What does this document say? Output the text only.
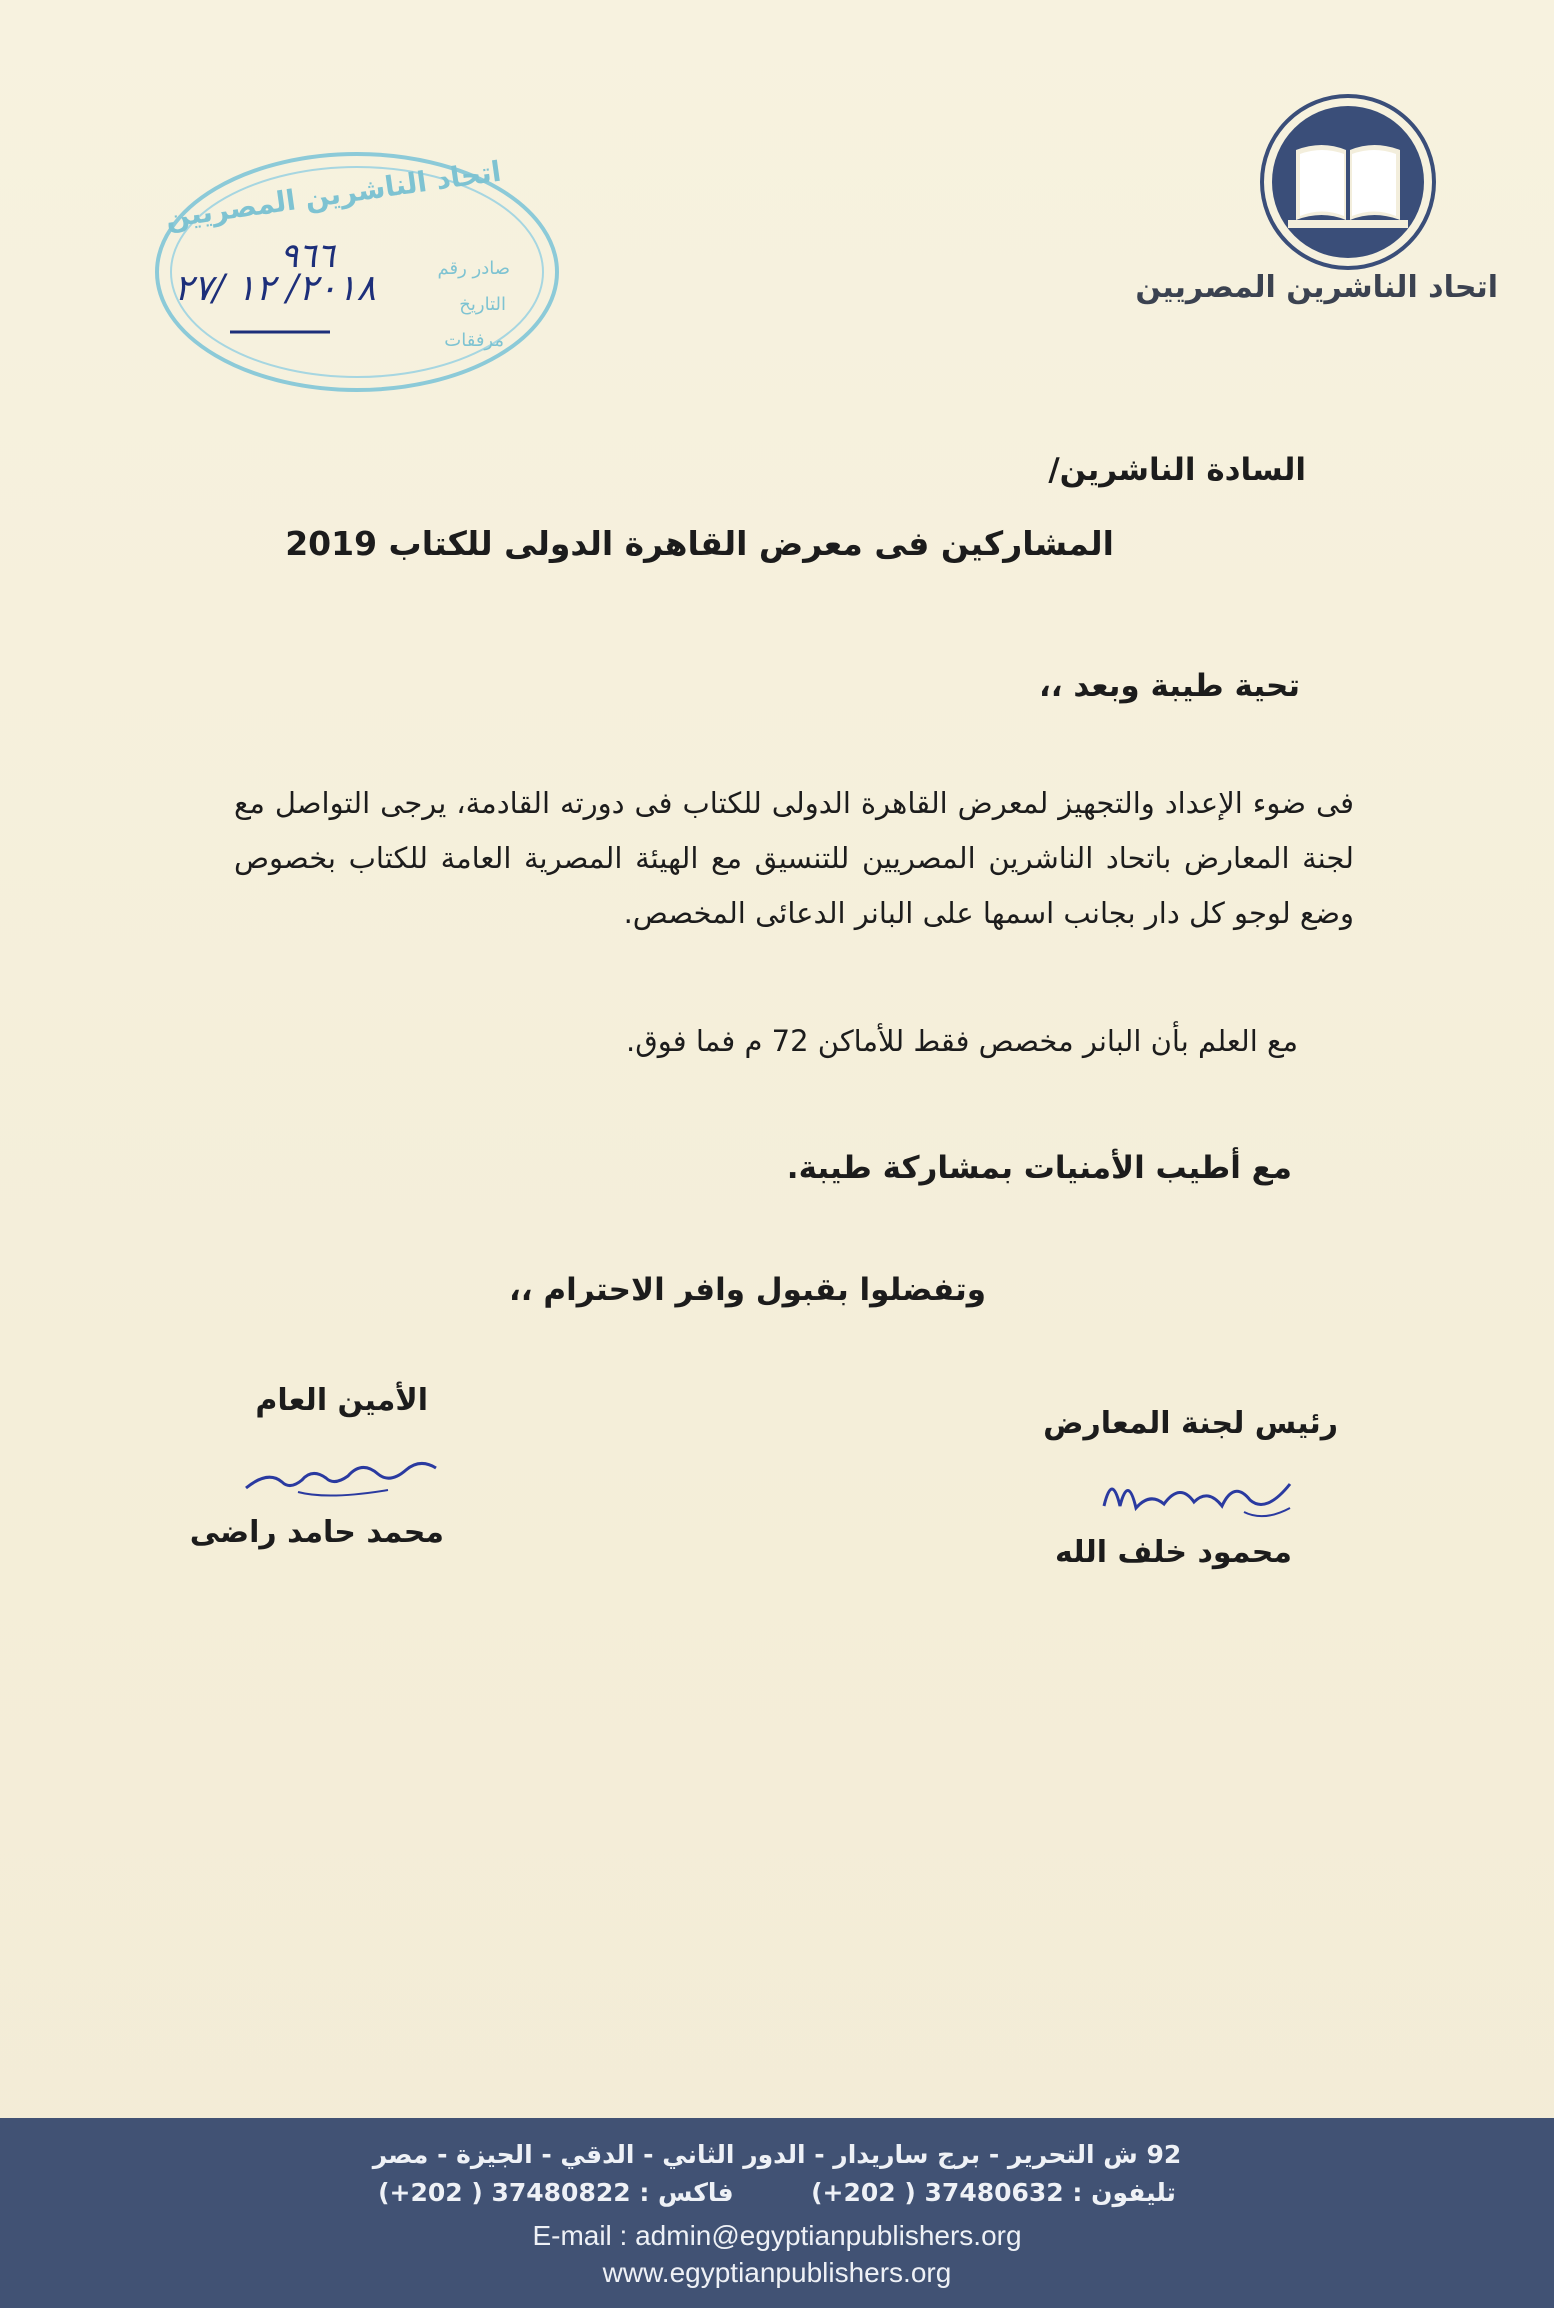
اتحاد الناشرين المصريين
اتحاد الناشرين المصريين
صادر رقم
التاريخ
مرفقات
٩٦٦
٢٠١٨/ ١٢ /٢٧
السادة الناشرين/
المشاركين فى معرض القاهرة الدولى للكتاب 2019
تحية طيبة وبعد ،،
فى ضوء الإعداد والتجهيز لمعرض القاهرة الدولى للكتاب فى دورته القادمة، يرجى التواصل مع لجنة المعارض باتحاد الناشرين المصريين للتنسيق مع الهيئة المصرية العامة للكتاب بخصوص وضع لوجو كل دار بجانب اسمها على البانر الدعائى المخصص.
مع العلم بأن البانر مخصص فقط للأماكن 72 م فما فوق.
مع أطيب الأمنيات بمشاركة طيبة.
وتفضلوا بقبول وافر الاحترام ،،
الأمين العام
محمد حامد راضى
رئيس لجنة المعارض
محمود خلف الله
92 ش التحرير - برج ساريدار - الدور الثاني - الدقي - الجيزة - مصر
تليفون : 37480632 ( 202+)  فاكس : 37480822 ( 202+)
E-mail : admin@egyptianpublishers.org
www.egyptianpublishers.org
